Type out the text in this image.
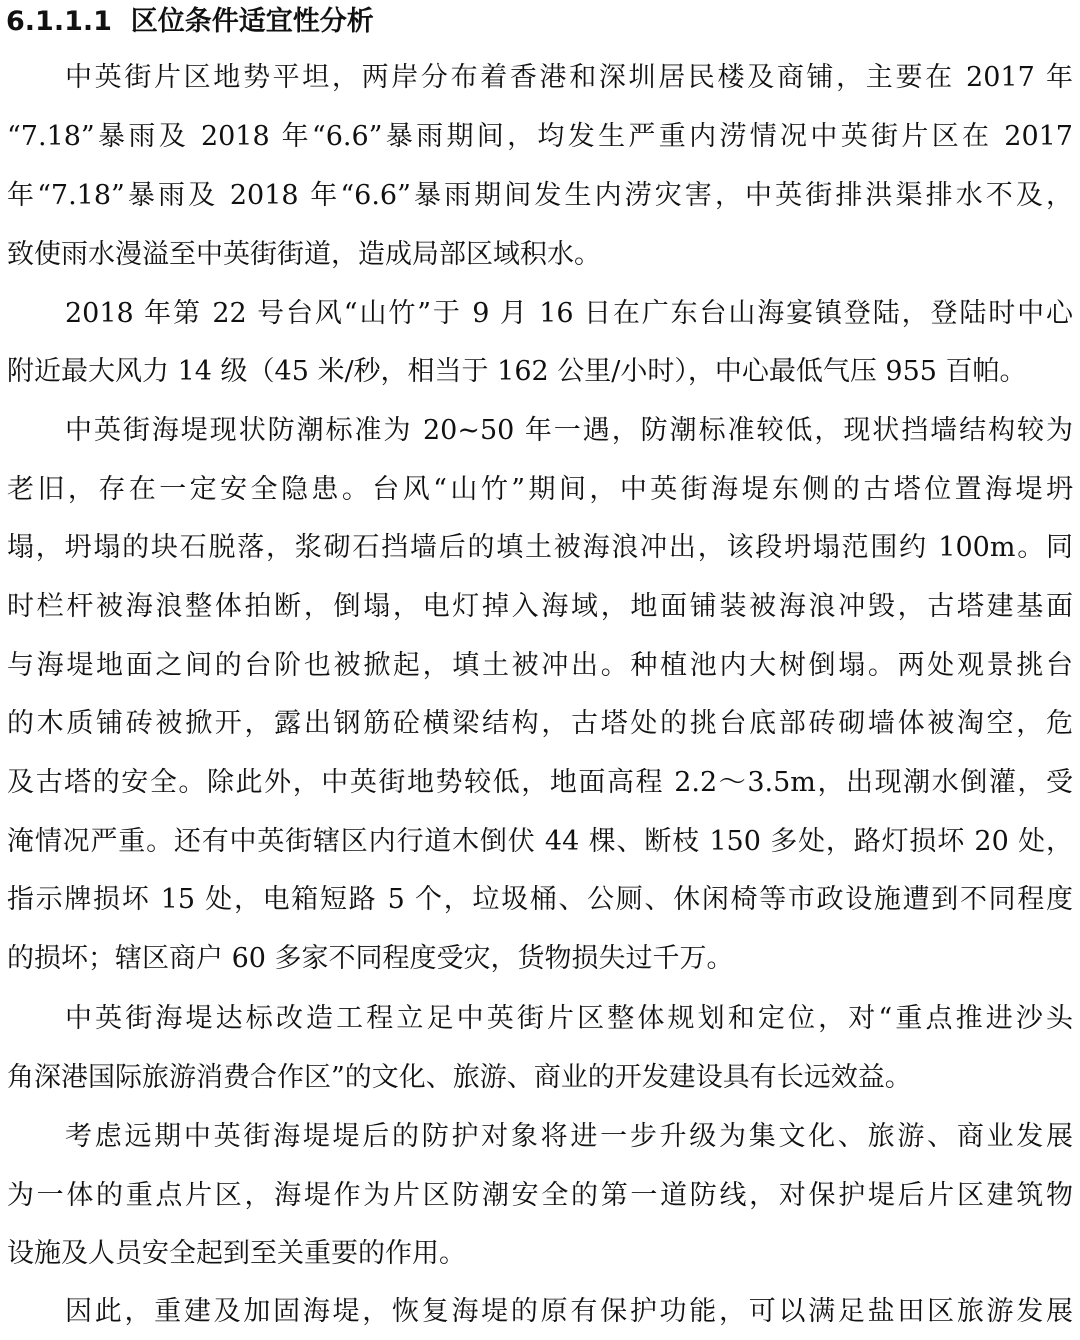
6.1.1.1 区位条件适宜性分析
中英街片区地势平坦，两岸分布着香港和深圳居民楼及商铺，主要在 2017 年
“7.18”暴雨及 2018 年“6.6”暴雨期间，均发生严重内涝情况中英街片区在 2017
年“7.18”暴雨及 2018 年“6.6”暴雨期间发生内涝灾害，中英街排洪渠排水不及，
致使雨水漫溢至中英街街道，造成局部区域积水。
2018 年第 22 号台风“山竹”于 9 月 16 日在广东台山海宴镇登陆，登陆时中心
附近最大风力 14 级（45 米/秒，相当于 162 公里/小时），中心最低气压 955 百帕。
中英街海堤现状防潮标准为 20~50 年一遇，防潮标准较低，现状挡墙结构较为
老旧，存在一定安全隐患。台风“山竹”期间，中英街海堤东侧的古塔位置海堤坍
塌，坍塌的块石脱落，浆砌石挡墙后的填土被海浪冲出，该段坍塌范围约 100m。同
时栏杆被海浪整体拍断，倒塌，电灯掉入海域，地面铺装被海浪冲毁，古塔建基面
与海堤地面之间的台阶也被掀起，填土被冲出。种植池内大树倒塌。两处观景挑台
的木质铺砖被掀开，露出钢筋砼横梁结构，古塔处的挑台底部砖砌墙体被淘空，危
及古塔的安全。除此外，中英街地势较低，地面高程 2.2～3.5m，出现潮水倒灌，受
淹情况严重。还有中英街辖区内行道木倒伏 44 棵、断枝 150 多处，路灯损坏 20 处，
指示牌损坏 15 处，电箱短路 5 个，垃圾桶、公厕、休闲椅等市政设施遭到不同程度
的损坏；辖区商户 60 多家不同程度受灾，货物损失过千万。
中英街海堤达标改造工程立足中英街片区整体规划和定位，对“重点推进沙头
角深港国际旅游消费合作区”的文化、旅游、商业的开发建设具有长远效益。
考虑远期中英街海堤堤后的防护对象将进一步升级为集文化、旅游、商业发展
为一体的重点片区，海堤作为片区防潮安全的第一道防线，对保护堤后片区建筑物
设施及人员安全起到至关重要的作用。
因此，重建及加固海堤，恢复海堤的原有保护功能，可以满足盐田区旅游发展
